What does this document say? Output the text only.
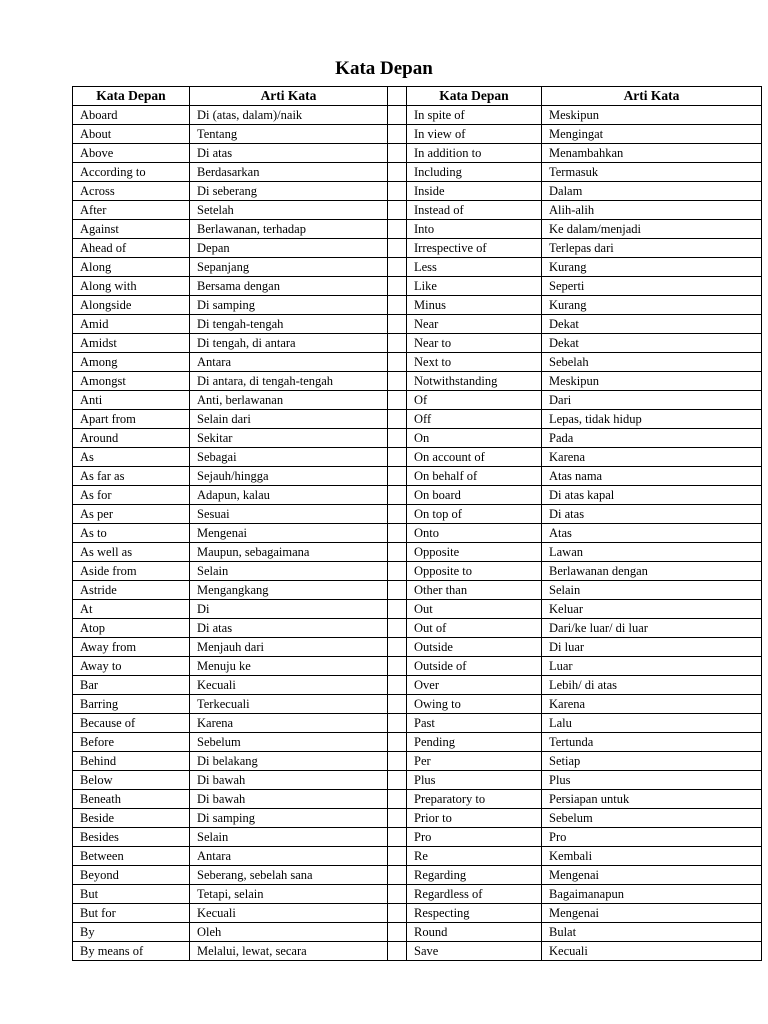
Kata Depan
Kata Depan	Arti Kata		Kata Depan	Arti Kata
Aboard	Di (atas, dalam)/naik		In spite of	Meskipun
About	Tentang		In view of	Mengingat
Above	Di atas		In addition to	Menambahkan
According to	Berdasarkan		Including	Termasuk
Across	Di seberang		Inside	Dalam
After	Setelah		Instead of	Alih-alih
Against	Berlawanan, terhadap		Into	Ke dalam/menjadi
Ahead of	Depan		Irrespective of	Terlepas dari
Along	Sepanjang		Less	Kurang
Along with	Bersama dengan		Like	Seperti
Alongside	Di samping		Minus	Kurang
Amid	Di tengah-tengah		Near	Dekat
Amidst	Di tengah, di antara		Near to	Dekat
Among	Antara		Next to	Sebelah
Amongst	Di antara, di tengah-tengah		Notwithstanding	Meskipun
Anti	Anti, berlawanan		Of	Dari
Apart from	Selain dari		Off	Lepas, tidak hidup
Around	Sekitar		On	Pada
As	Sebagai		On account of	Karena
As far as	Sejauh/hingga		On behalf of	Atas nama
As for	Adapun, kalau		On board	Di atas kapal
As per	Sesuai		On top of	Di atas
As to	Mengenai		Onto	Atas
As well as	Maupun, sebagaimana		Opposite	Lawan
Aside from	Selain		Opposite to	Berlawanan dengan
Astride	Mengangkang		Other than	Selain
At	Di		Out	Keluar
Atop	Di atas		Out of	Dari/ke luar/ di luar
Away from	Menjauh dari		Outside	Di luar
Away to	Menuju ke		Outside of	Luar
Bar	Kecuali		Over	Lebih/ di atas
Barring	Terkecuali		Owing to	Karena
Because of	Karena		Past	Lalu
Before	Sebelum		Pending	Tertunda
Behind	Di belakang		Per	Setiap
Below	Di bawah		Plus	Plus
Beneath	Di bawah		Preparatory to	Persiapan untuk
Beside	Di samping		Prior to	Sebelum
Besides	Selain		Pro	Pro
Between	Antara		Re	Kembali
Beyond	Seberang, sebelah sana		Regarding	Mengenai
But	Tetapi, selain		Regardless of	Bagaimanapun
But for	Kecuali		Respecting	Mengenai
By	Oleh		Round	Bulat
By means of	Melalui, lewat, secara		Save	Kecuali
